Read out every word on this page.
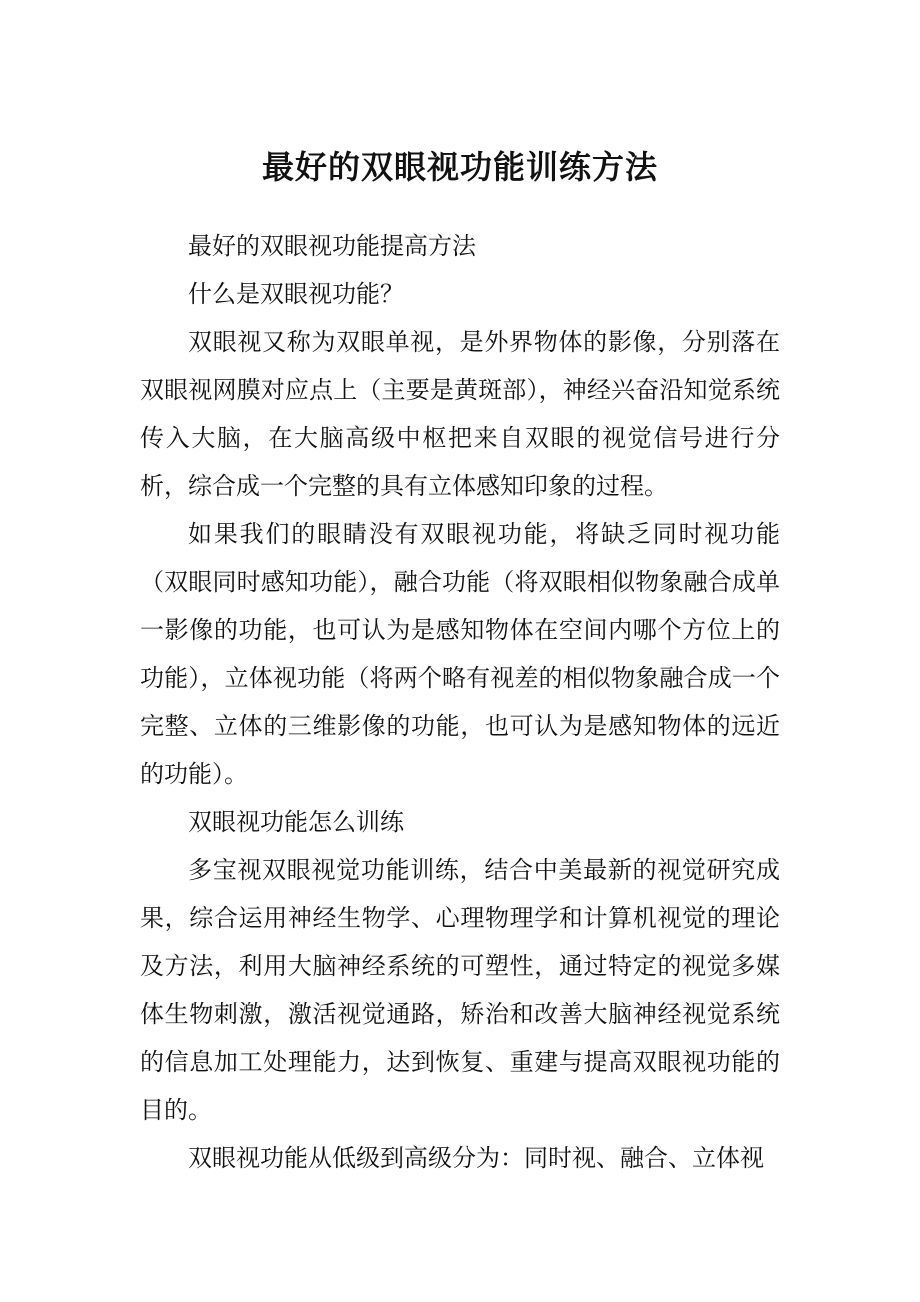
最好的双眼视功能训练方法

最好的双眼视功能提高方法

什么是双眼视功能？

双眼视又称为双眼单视，是外界物体的影像，分别落在双眼视网膜对应点上（主要是黄斑部），神经兴奋沿知觉系统传入大脑，在大脑高级中枢把来自双眼的视觉信号进行分析，综合成一个完整的具有立体感知印象的过程。

如果我们的眼睛没有双眼视功能，将缺乏同时视功能（双眼同时感知功能），融合功能（将双眼相似物象融合成单一影像的功能，也可认为是感知物体在空间内哪个方位上的功能），立体视功能（将两个略有视差的相似物象融合成一个完整、立体的三维影像的功能，也可认为是感知物体的远近的功能）。

双眼视功能怎么训练

多宝视双眼视觉功能训练，结合中美最新的视觉研究成果，综合运用神经生物学、心理物理学和计算机视觉的理论及方法，利用大脑神经系统的可塑性，通过特定的视觉多媒体生物刺激，激活视觉通路，矫治和改善大脑神经视觉系统的信息加工处理能力，达到恢复、重建与提高双眼视功能的目的。

双眼视功能从低级到高级分为：同时视、融合、立体视
